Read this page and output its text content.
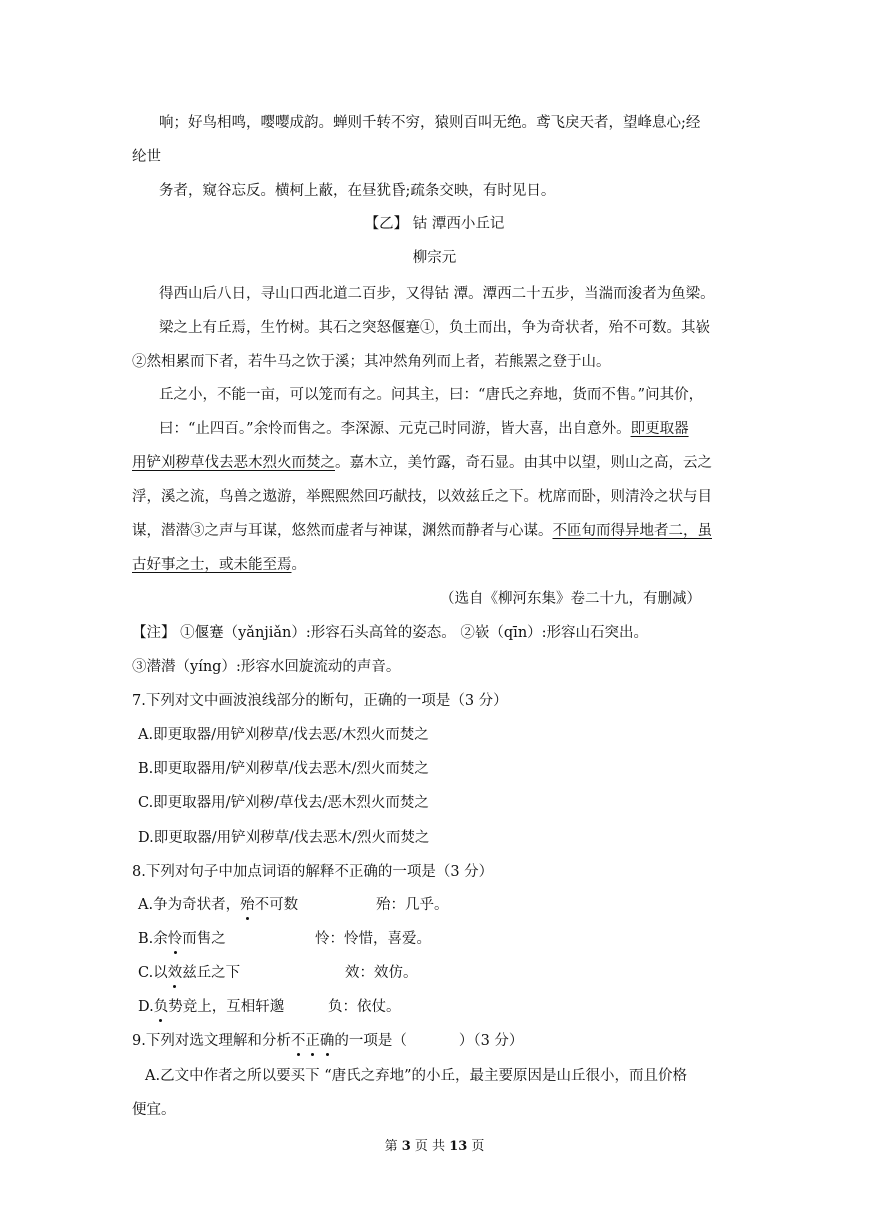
响；好鸟相鸣，嘤嘤成韵。蝉则千转不穷，猿则百叫无绝。鸢飞戾天者，望峰息心;经
纶世
务者，窥谷忘反。横柯上蔽，在昼犹昏;疏条交映，有时见日。
【乙】 钴 潭西小丘记
柳宗元
得西山后八日，寻山口西北道二百步，又得钴 潭。潭西二十五步，当湍而浚者为鱼梁。
梁之上有丘焉，生竹树。其石之突怒偃蹇①，负土而出，争为奇状者，殆不可数。其嵚
②然相累而下者，若牛马之饮于溪；其冲然角列而上者，若熊罴之登于山。
丘之小，不能一亩，可以笼而有之。问其主，曰：“唐氏之弃地，货而不售。”问其价，
曰：“止四百。”余怜而售之。李深源、元克己时同游，皆大喜，出自意外。即更取器
用铲刈秽草伐去恶木烈火而焚之。嘉木立，美竹露，奇石显。由其中以望，则山之高，云之
浮，溪之流，鸟兽之遨游，举熙熙然回巧献技，以效兹丘之下。枕席而卧，则清泠之状与目
谋，潜潜③之声与耳谋，悠然而虚者与神谋，渊然而静者与心谋。不匝旬而得异地者二，虽
古好事之士，或未能至焉。
（选自《柳河东集》卷二十九，有删减）
【注】 ①偃蹇（yǎnjiǎn）:形容石头高耸的姿态。 ②嵚（qīn）:形容山石突出。
③潜潜（yíng）:形容水回旋流动的声音。
7.下列对文中画波浪线部分的断句，正确的一项是（3 分）
A.即更取器/用铲刈秽草/伐去恶/木烈火而焚之
B.即更取器用/铲刈秽草/伐去恶木/烈火而焚之
C.即更取器用/铲刈秽/草伐去/恶木烈火而焚之
D.即更取器/用铲刈秽草/伐去恶木/烈火而焚之
8.下列对句子中加点词语的解释不正确的一项是（3 分）
A.争为奇状者，殆不可数	殆：几乎。
B.余怜而售之	怜：怜惜，喜爱。
C.以效兹丘之下	效：效仿。
D.负势竞上，互相轩邈	负：依仗。
9.下列对选文理解和分析不正确的一项是（	）（3 分）
A.乙文中作者之所以要买下 “唐氏之弃地”的小丘，最主要原因是山丘很小，而且价格
便宜。
第 3 页 共 13 页
